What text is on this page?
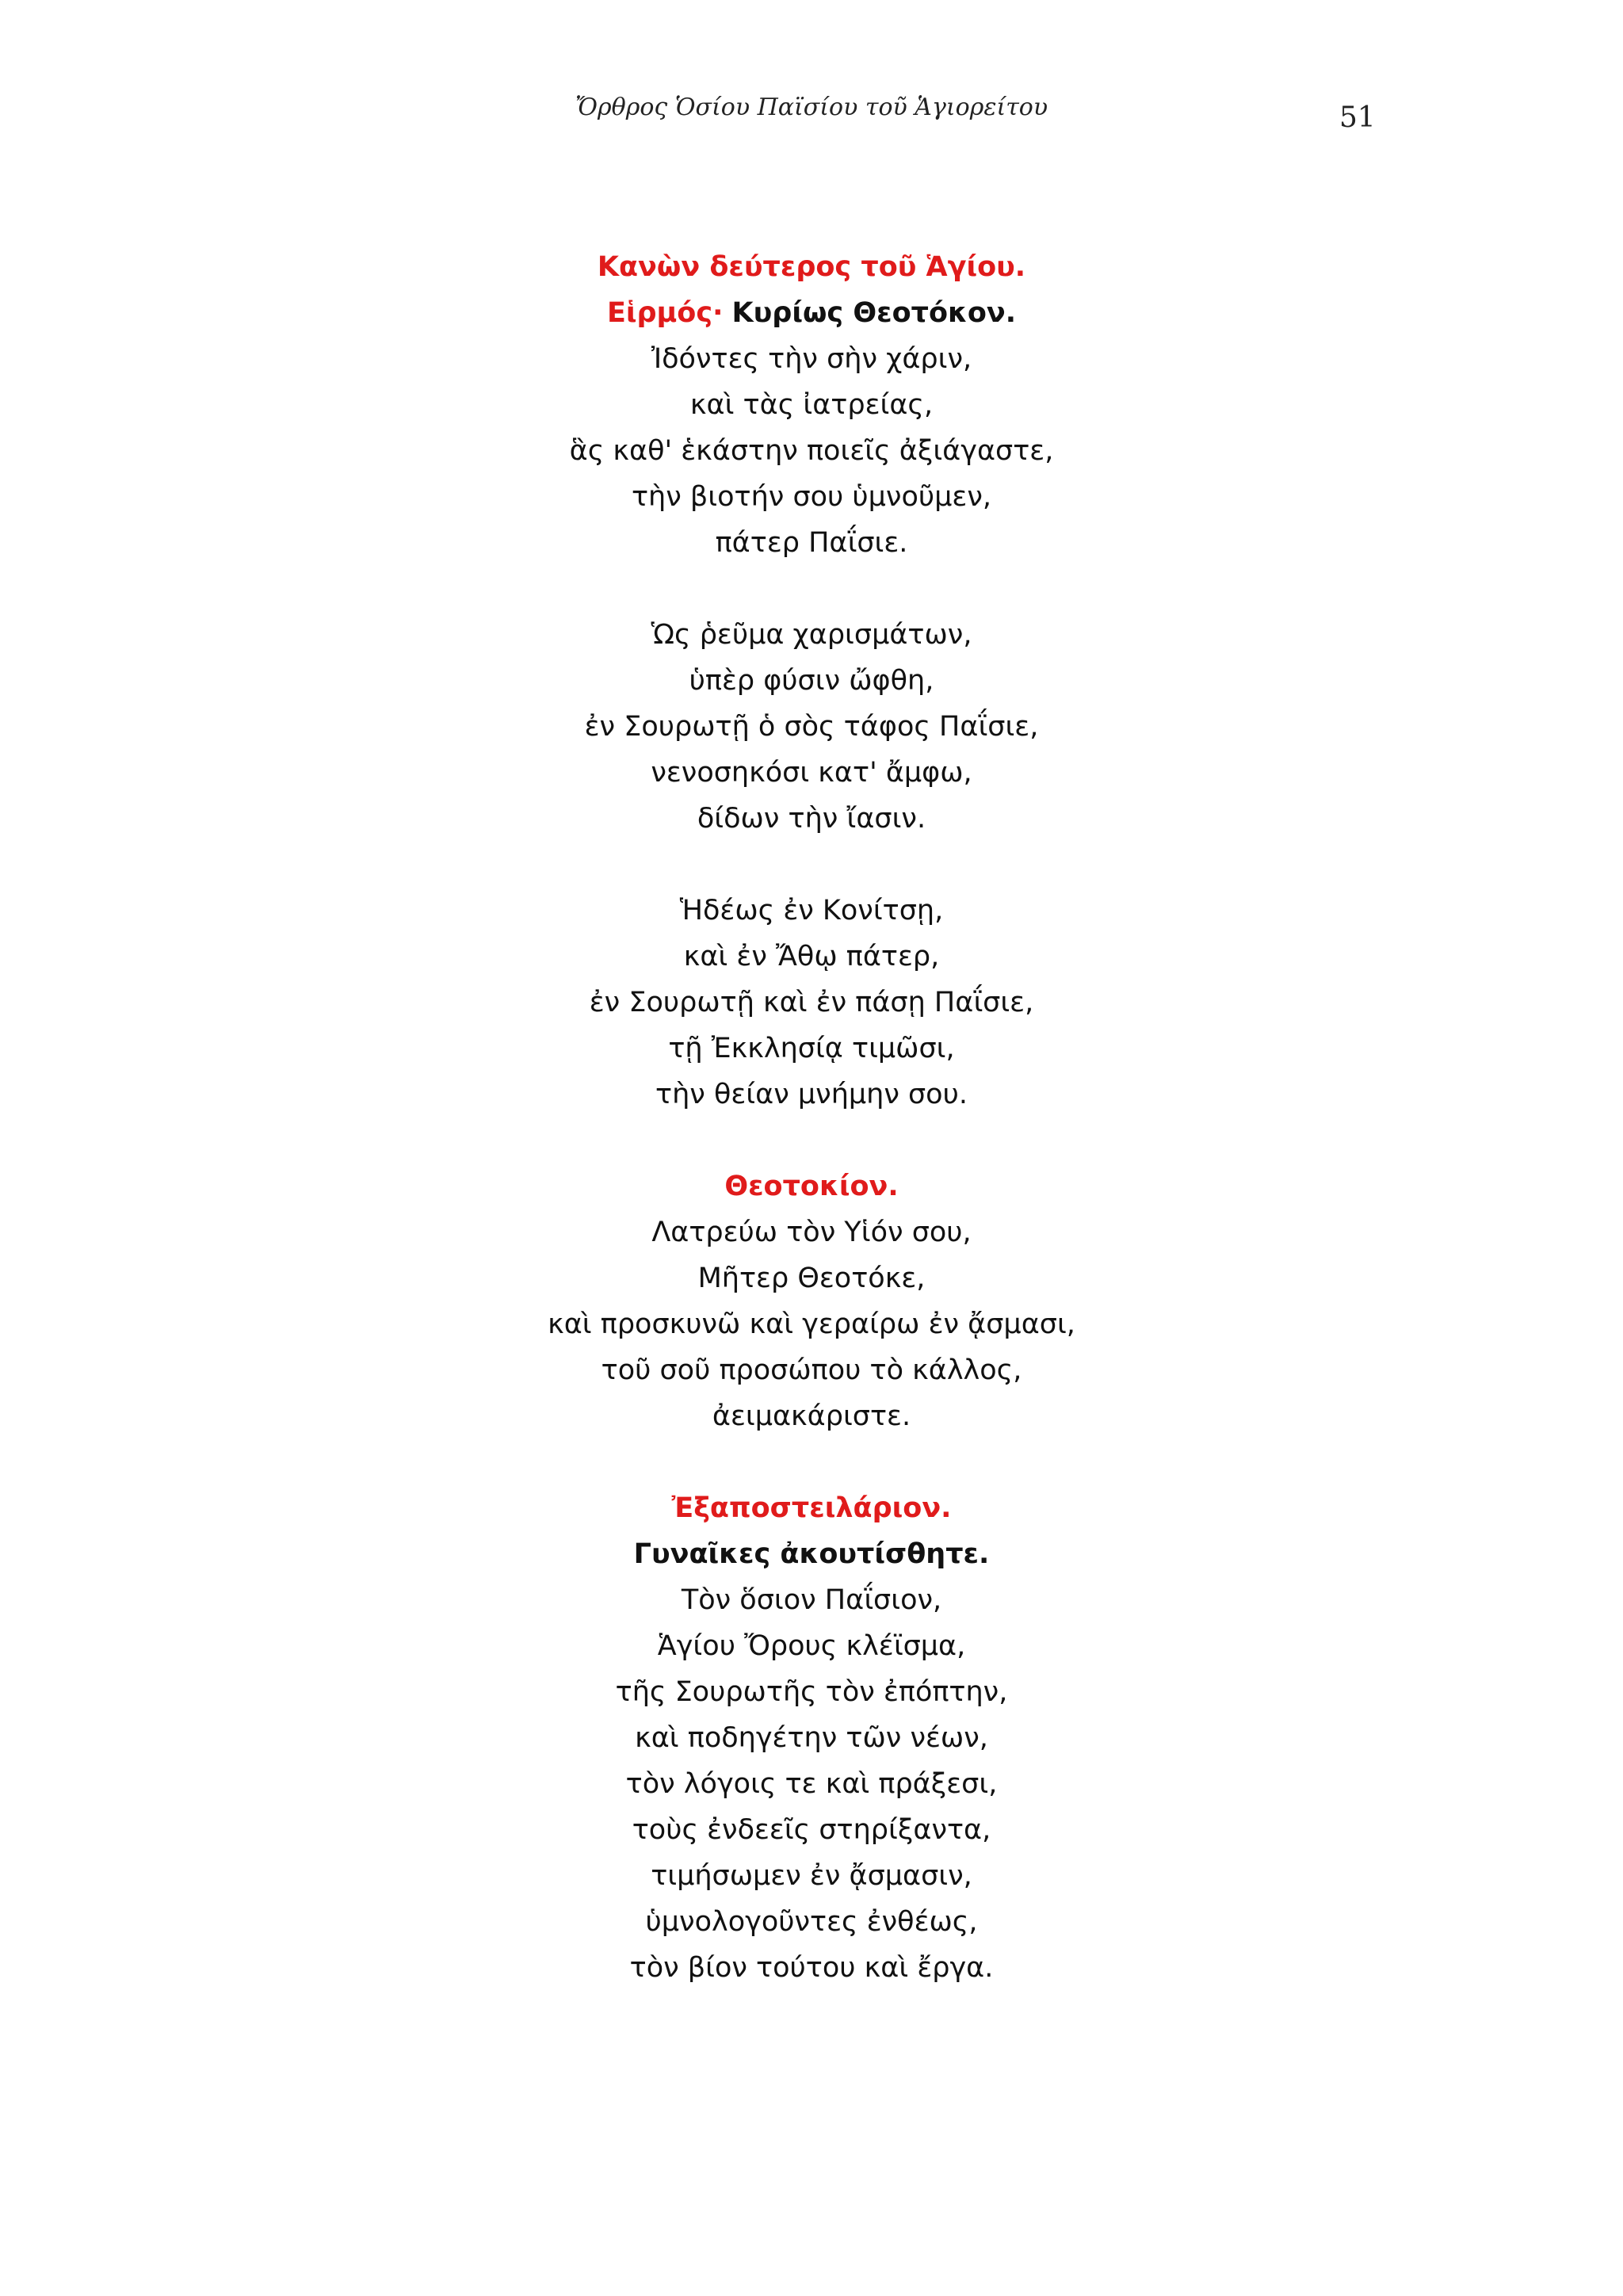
Ὄρθρος Ὁσίου Παϊσίου τοῦ Ἁγιορείτου	51
Κανὼν δεύτερος τοῦ Ἁγίου.
Εἱρμός· Κυρίως Θεοτόκον.
Ἰδόντες τὴν σὴν χάριν,
καὶ τὰς ἰατρείας,
ἃς καθ' ἑκάστην ποιεῖς ἀξιάγαστε,
τὴν βιοτήν σου ὑμνοῦμεν,
πάτερ Παΐσιε.
Ὡς ῥεῦμα χαρισμάτων,
ὑπὲρ φύσιν ὤφθη,
ἐν Σουρωτῇ ὁ σὸς τάφος Παΐσιε,
νενοσηκόσι κατ' ἄμφω,
δίδων τὴν ἴασιν.
Ἡδέως ἐν Κονίτσῃ,
καὶ ἐν Ἄθῳ πάτερ,
ἐν Σουρωτῇ καὶ ἐν πάσῃ Παΐσιε,
τῇ Ἐκκλησίᾳ τιμῶσι,
τὴν θείαν μνήμην σου.
Θεοτοκίον.
Λατρεύω τὸν Υἱόν σου,
Μῆτερ Θεοτόκε,
καὶ προσκυνῶ καὶ γεραίρω ἐν ᾄσμασι,
τοῦ σοῦ προσώπου τὸ κάλλος,
ἀειμακάριστε.
Ἐξαποστειλάριον.
Γυναῖκες ἀκουτίσθητε.
Τὸν ὅσιον Παΐσιον,
Ἁγίου Ὄρους κλέϊσμα,
τῆς Σουρωτῆς τὸν ἐπόπτην,
καὶ ποδηγέτην τῶν νέων,
τὸν λόγοις τε καὶ πράξεσι,
τοὺς ἐνδεεῖς στηρίξαντα,
τιμήσωμεν ἐν ᾄσμασιν,
ὑμνολογοῦντες ἐνθέως,
τὸν βίον τούτου καὶ ἔργα.
